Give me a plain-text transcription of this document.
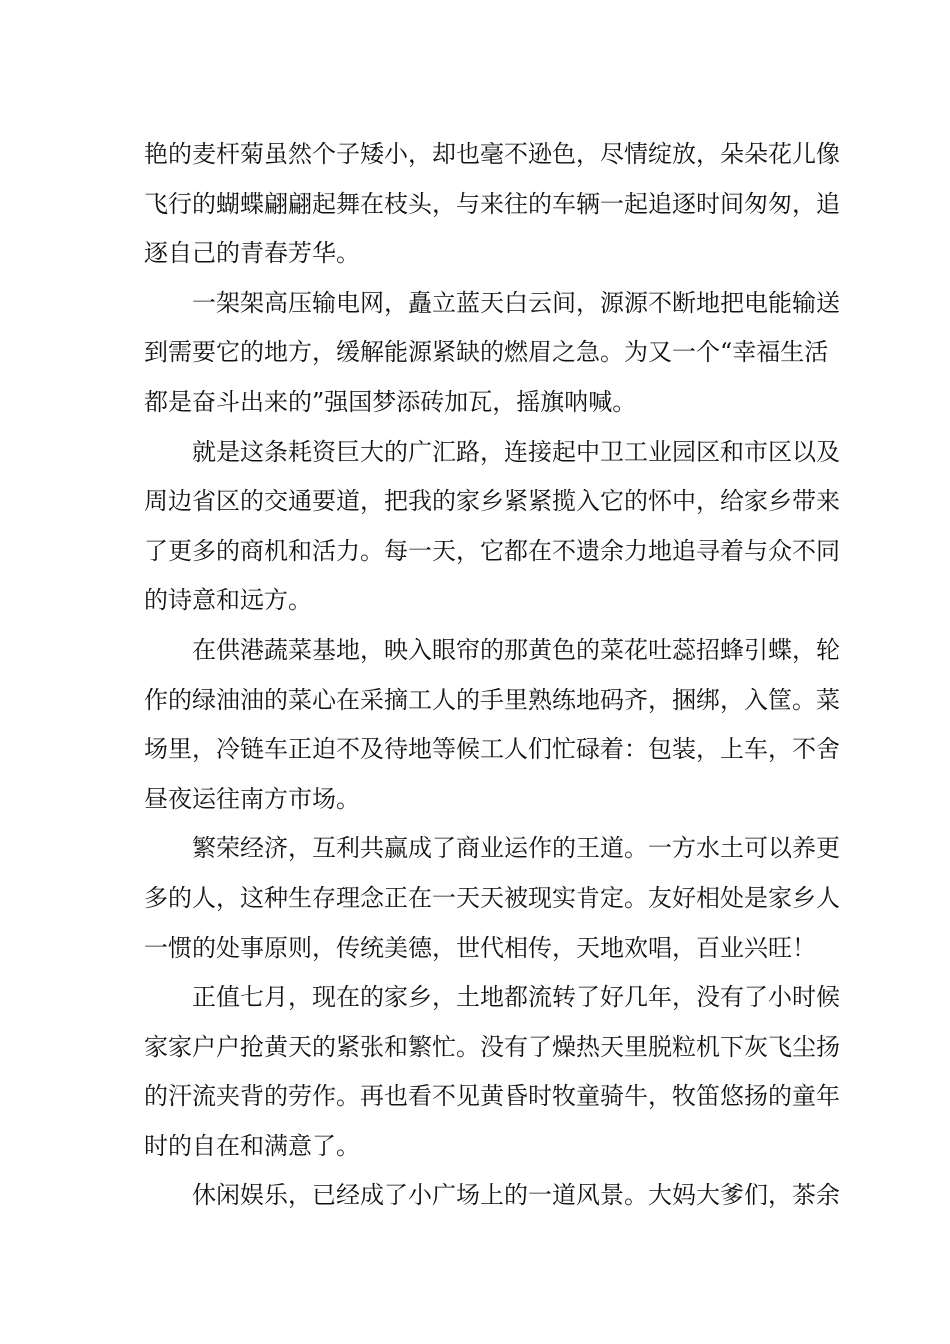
艳的麦杆菊虽然个子矮小，却也毫不逊色，尽情绽放，朵朵花儿像
飞行的蝴蝶翩翩起舞在枝头，与来往的车辆一起追逐时间匆匆，追
逐自己的青春芳华。
一架架高压输电网，矗立蓝天白云间，源源不断地把电能输送
到需要它的地方，缓解能源紧缺的燃眉之急。为又一个“幸福生活
都是奋斗出来的”强国梦添砖加瓦，摇旗呐喊。
就是这条耗资巨大的广汇路，连接起中卫工业园区和市区以及
周边省区的交通要道，把我的家乡紧紧揽入它的怀中，给家乡带来
了更多的商机和活力。每一天，它都在不遗余力地追寻着与众不同
的诗意和远方。
在供港蔬菜基地，映入眼帘的那黄色的菜花吐蕊招蜂引蝶，轮
作的绿油油的菜心在采摘工人的手里熟练地码齐，捆绑，入筐。菜
场里，冷链车正迫不及待地等候工人们忙碌着：包装，上车，不舍
昼夜运往南方市场。
繁荣经济，互利共赢成了商业运作的王道。一方水土可以养更
多的人，这种生存理念正在一天天被现实肯定。友好相处是家乡人
一惯的处事原则，传统美德，世代相传，天地欢唱，百业兴旺！
正值七月，现在的家乡，土地都流转了好几年，没有了小时候
家家户户抢黄天的紧张和繁忙。没有了燥热天里脱粒机下灰飞尘扬
的汗流夹背的劳作。再也看不见黄昏时牧童骑牛，牧笛悠扬的童年
时的自在和满意了。
休闲娱乐，已经成了小广场上的一道风景。大妈大爹们，茶余
